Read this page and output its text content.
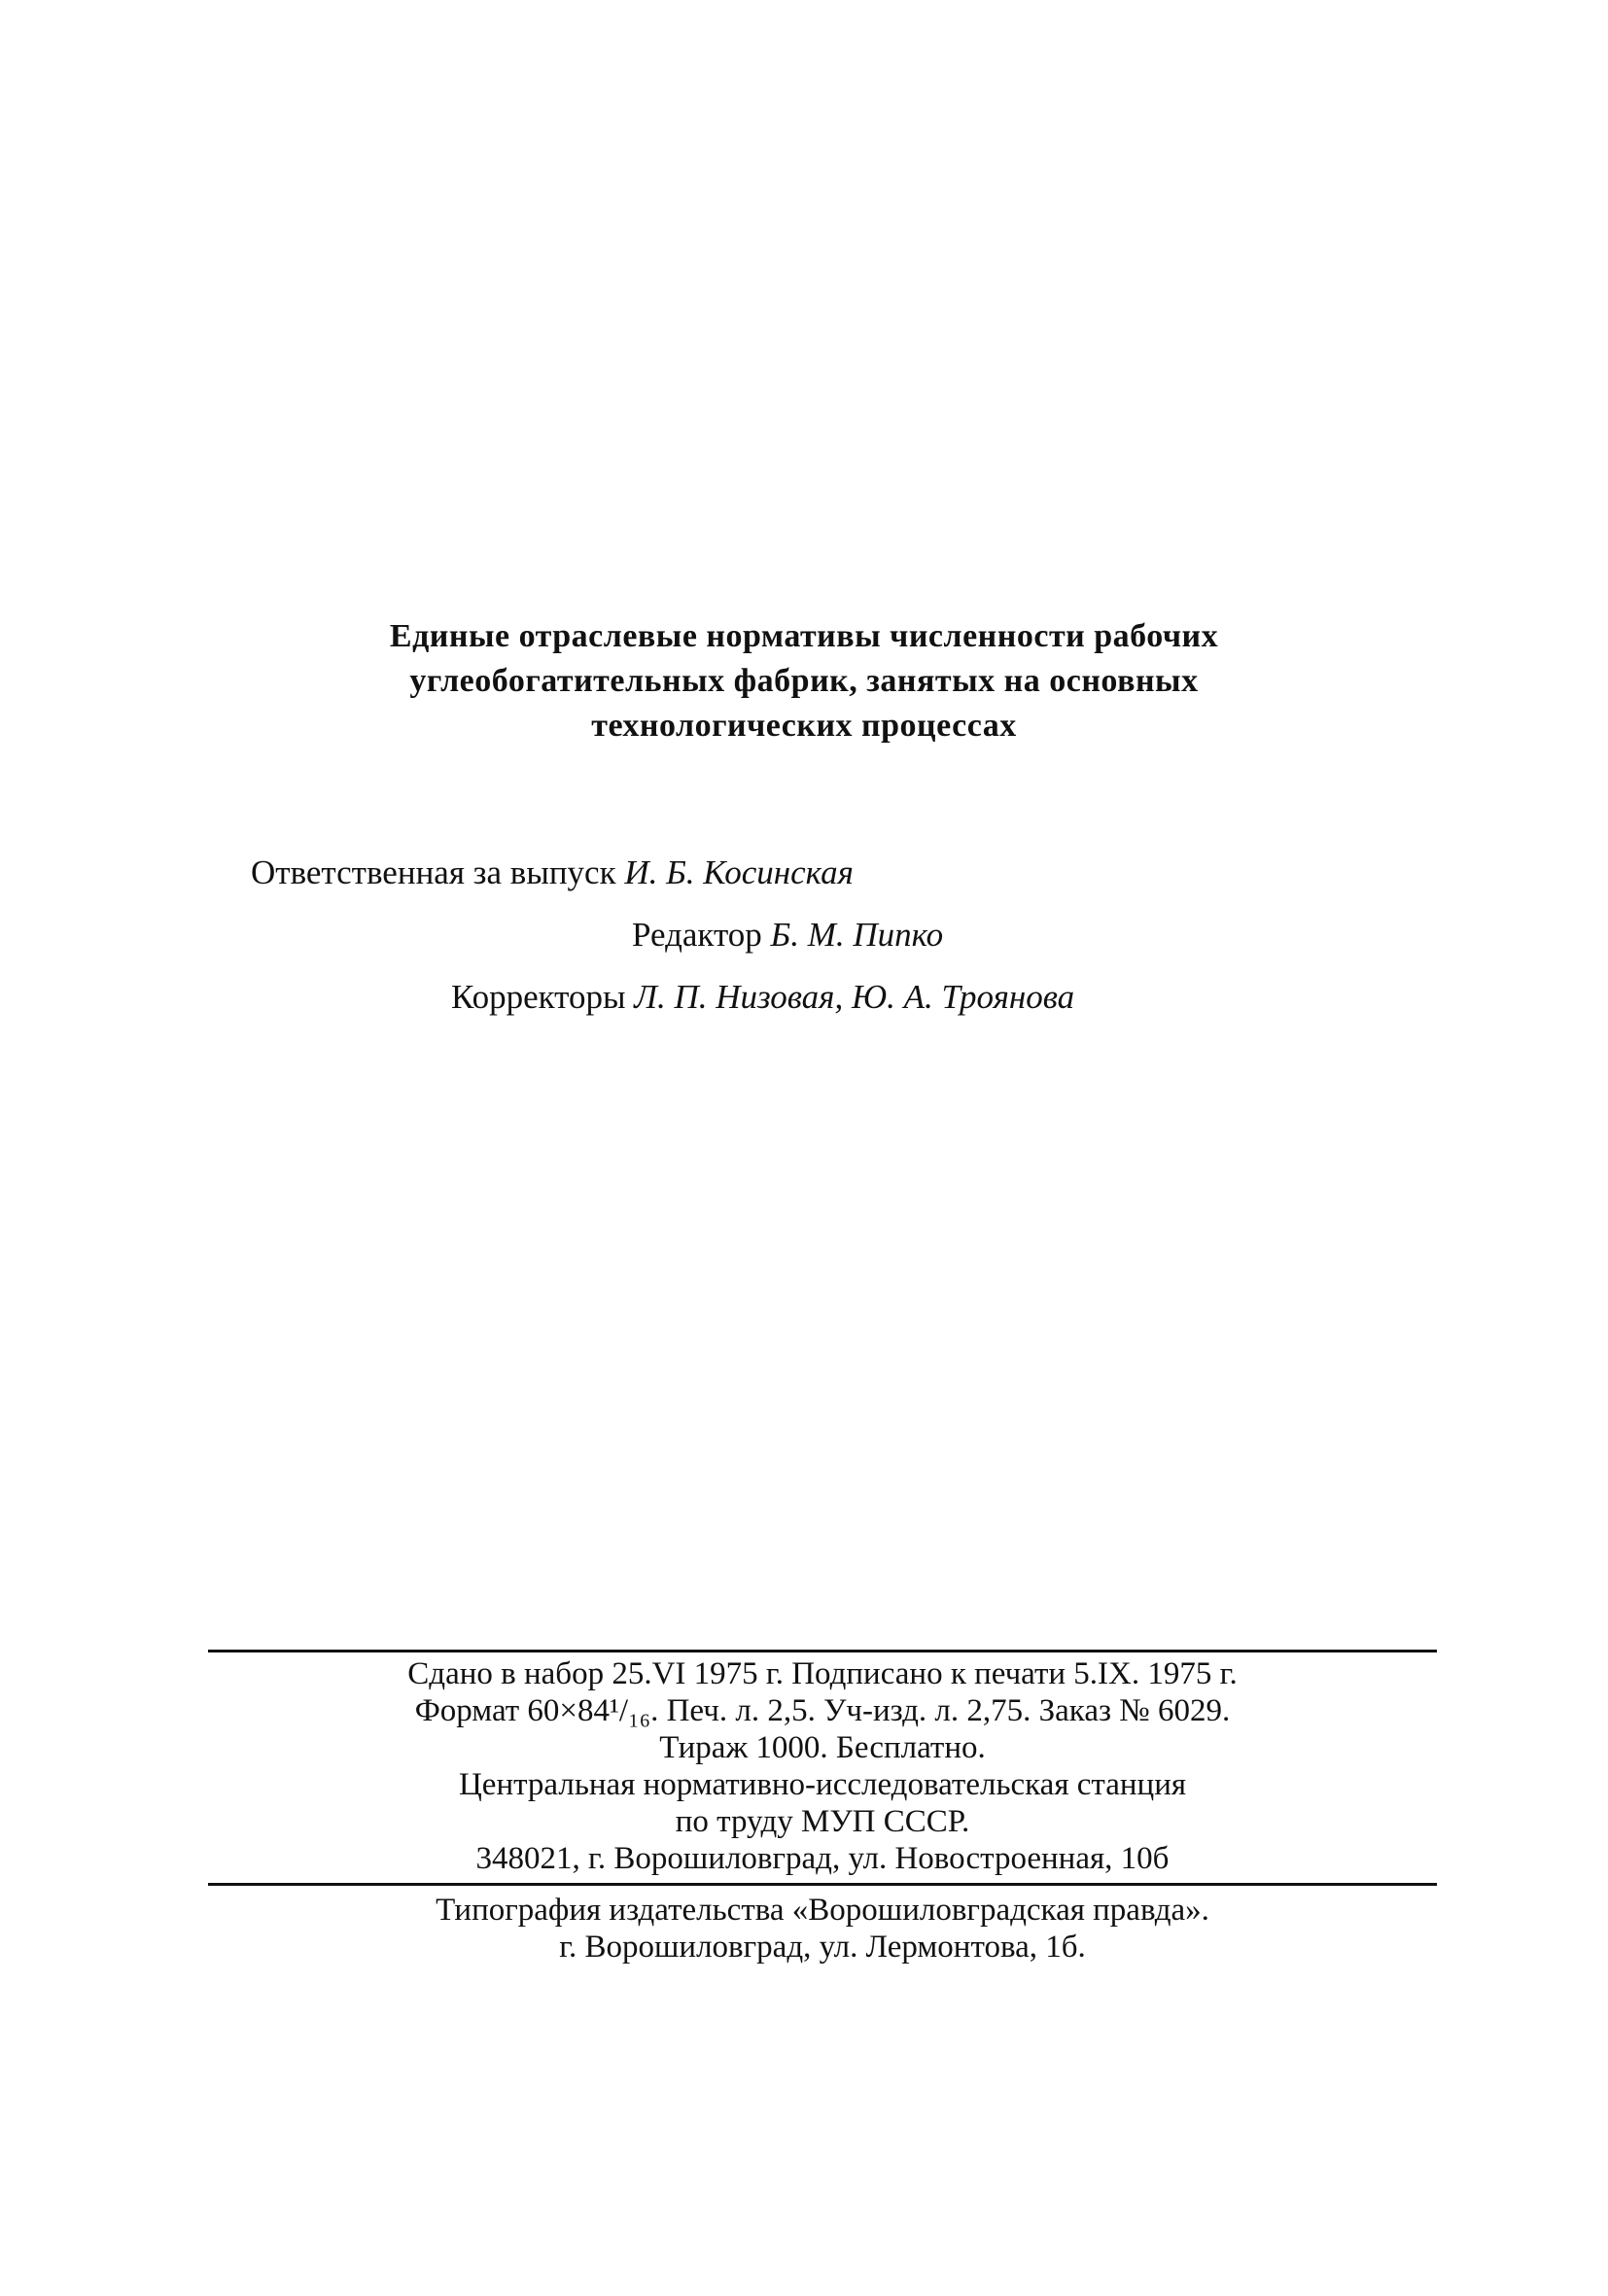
Единые отраслевые нормативы численности рабочих
углеобогатительных фабрик, занятых на основных
технологических процессах
Ответственная за выпуск И. Б. Косинская
Редактор Б. М. Пипко
Корректоры Л. П. Низовая, Ю. А. Троянова
Сдано в набор 25.VI 1975 г. Подписано к печати 5.IX. 1975 г.
Формат 60×84¹/₁₆. Печ. л. 2,5. Уч-изд. л. 2,75. Заказ № 6029.
Тираж 1000. Бесплатно.
Центральная нормативно-исследовательская станция
по труду МУП СССР.
348021, г. Ворошиловград, ул. Новостроенная, 10б
Типография издательства «Ворошиловградская правда».
г. Ворошиловград, ул. Лермонтова, 1б.
